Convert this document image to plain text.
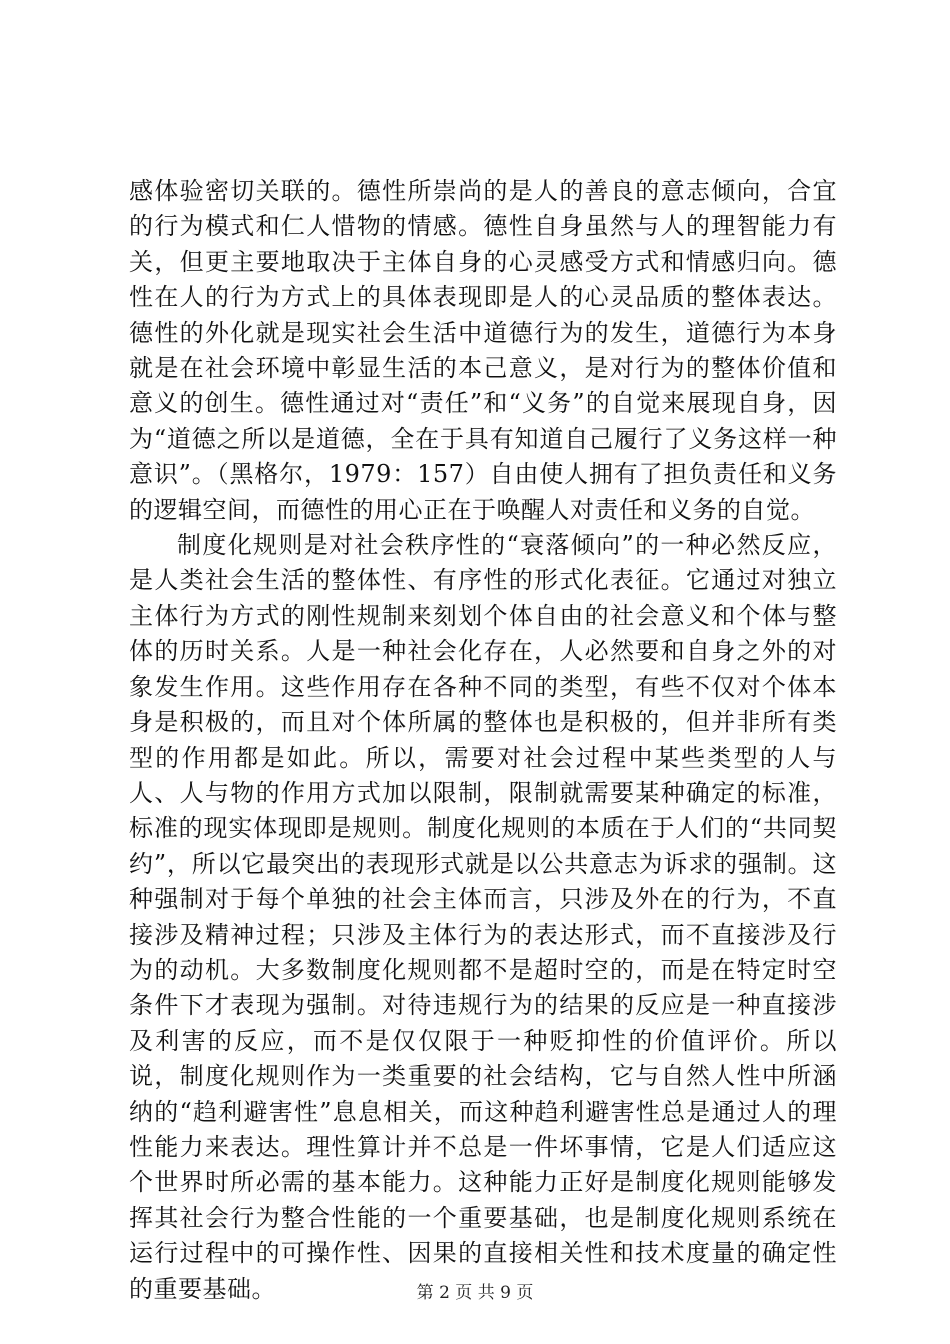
感体验密切关联的。德性所崇尚的是人的善良的意志倾向，合宜的行为模式和仁人惜物的情感。德性自身虽然与人的理智能力有关，但更主要地取决于主体自身的心灵感受方式和情感归向。德性在人的行为方式上的具体表现即是人的心灵品质的整体表达。德性的外化就是现实社会生活中道德行为的发生，道德行为本身就是在社会环境中彰显生活的本己意义，是对行为的整体价值和意义的创生。德性通过对“责任”和“义务”的自觉来展现自身，因为“道德之所以是道德，全在于具有知道自己履行了义务这样一种意识”。（黑格尔，1979：157）自由使人拥有了担负责任和义务的逻辑空间，而德性的用心正在于唤醒人对责任和义务的自觉。

制度化规则是对社会秩序性的“衰落倾向”的一种必然反应，是人类社会生活的整体性、有序性的形式化表征。它通过对独立主体行为方式的刚性规制来刻划个体自由的社会意义和个体与整体的历时关系。人是一种社会化存在，人必然要和自身之外的对象发生作用。这些作用存在各种不同的类型，有些不仅对个体本身是积极的，而且对个体所属的整体也是积极的，但并非所有类型的作用都是如此。所以，需要对社会过程中某些类型的人与人、人与物的作用方式加以限制，限制就需要某种确定的标准，标准的现实体现即是规则。制度化规则的本质在于人们的“共同契约”，所以它最突出的表现形式就是以公共意志为诉求的强制。这种强制对于每个单独的社会主体而言，只涉及外在的行为，不直接涉及精神过程；只涉及主体行为的表达形式，而不直接涉及行为的动机。大多数制度化规则都不是超时空的，而是在特定时空条件下才表现为强制。对待违规行为的结果的反应是一种直接涉及利害的反应，而不是仅仅限于一种贬抑性的价值评价。所以说，制度化规则作为一类重要的社会结构，它与自然人性中所涵纳的“趋利避害性”息息相关，而这种趋利避害性总是通过人的理性能力来表达。理性算计并不总是一件坏事情，它是人们适应这个世界时所必需的基本能力。这种能力正好是制度化规则能够发挥其社会行为整合性能的一个重要基础，也是制度化规则系统在运行过程中的可操作性、因果的直接相关性和技术度量的确定性的重要基础。	第 2 页 共 9 页
